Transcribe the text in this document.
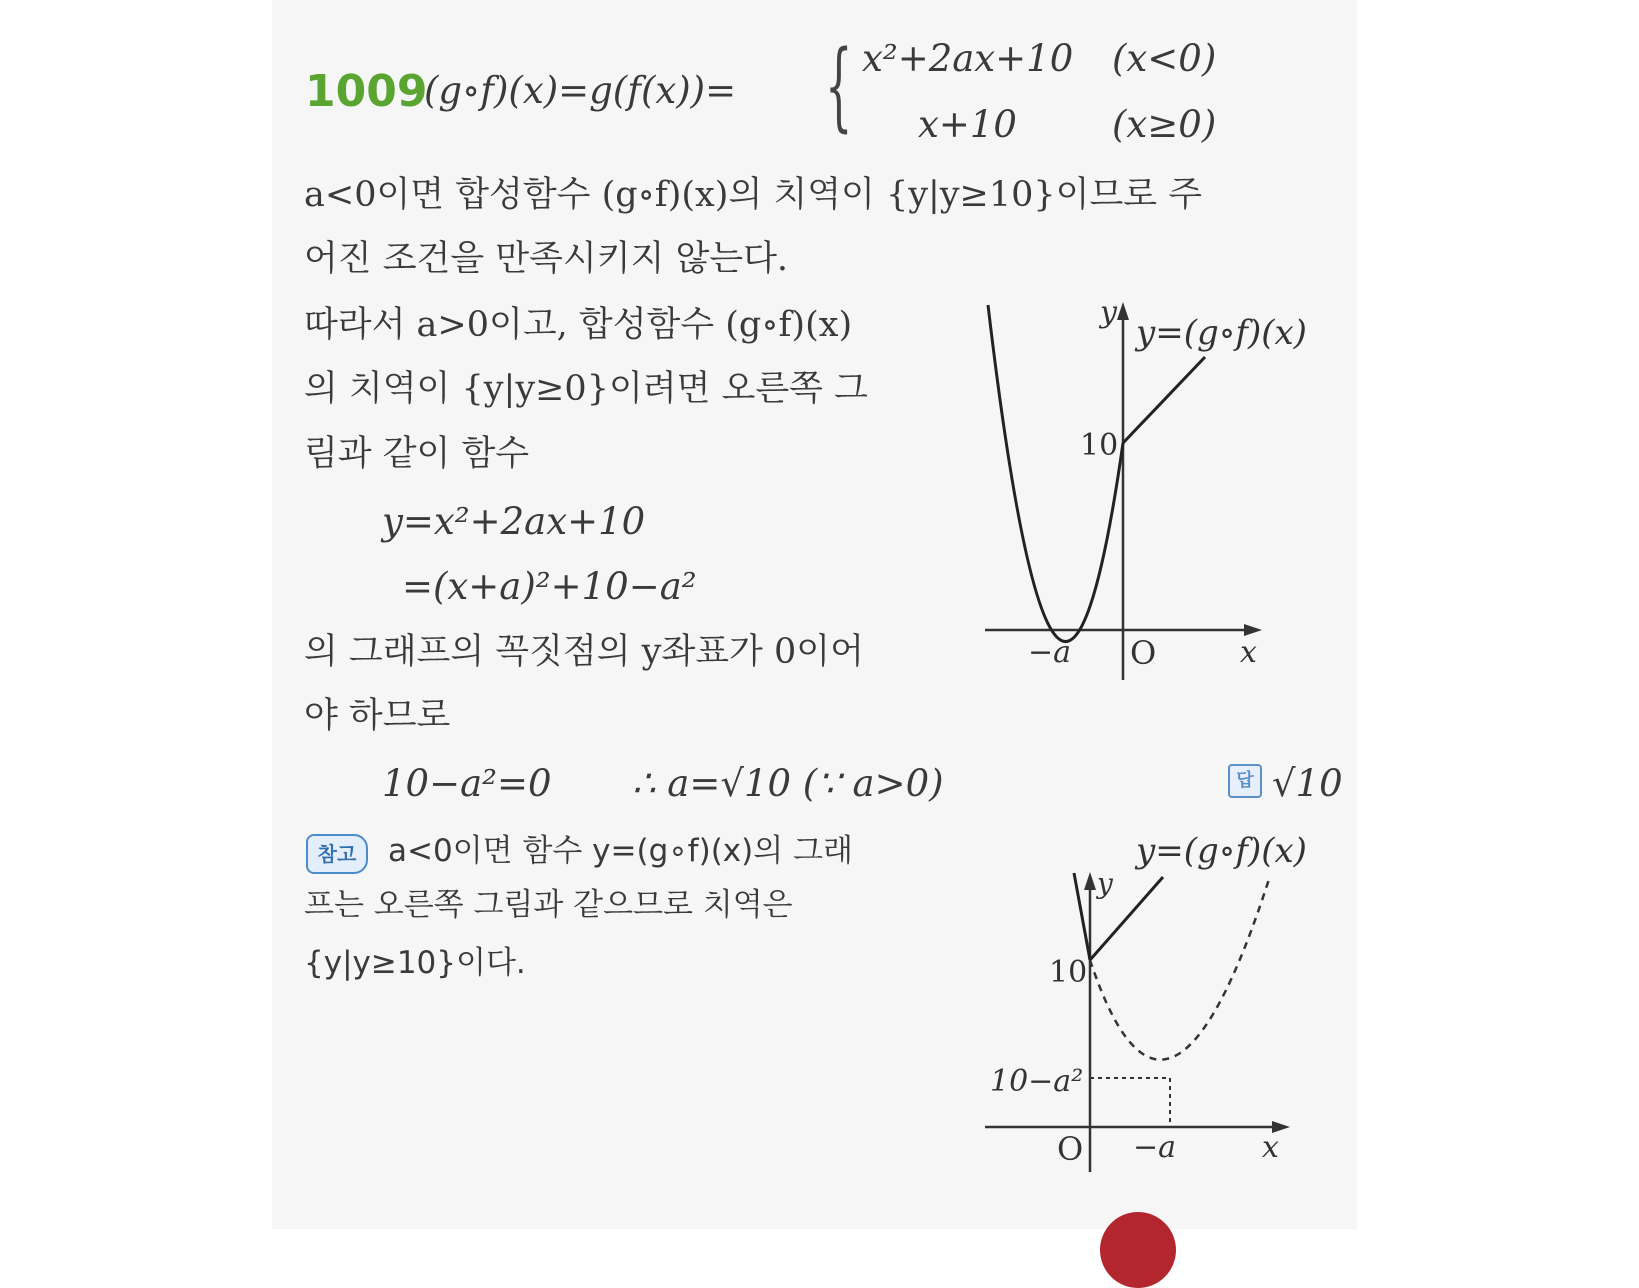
1009
(g∘f)(x)=g(f(x))= { x²+2ax+10 (x<0)
x+10	(x≥0)
a<0이면 합성함수 (g∘f)(x)의 치역이 {y|y≥10}이므로 주
어진 조건을 만족시키지 않는다.
따라서 a>0이고, 합성함수 (g∘f)(x)
의 치역이 {y|y≥0}이려면 오른쪽 그
림과 같이 함수
y=x²+2ax+10
=(x+a)²+10−a²
의 그래프의 꼭짓점의 y좌표가 0이어
야 하므로
10−a²=0 ∴ a=√10 (∵ a>0)	답 √10
참고	a<0이면 함수 y=(g∘f)(x)의 그래
프는 오른쪽 그림과 같으므로 치역은
{y|y≥10}이다.
y
y=(g∘f)(x)
10
−a O	x
y
y=(g∘f)(x)
10
10−a²
O −a	x
